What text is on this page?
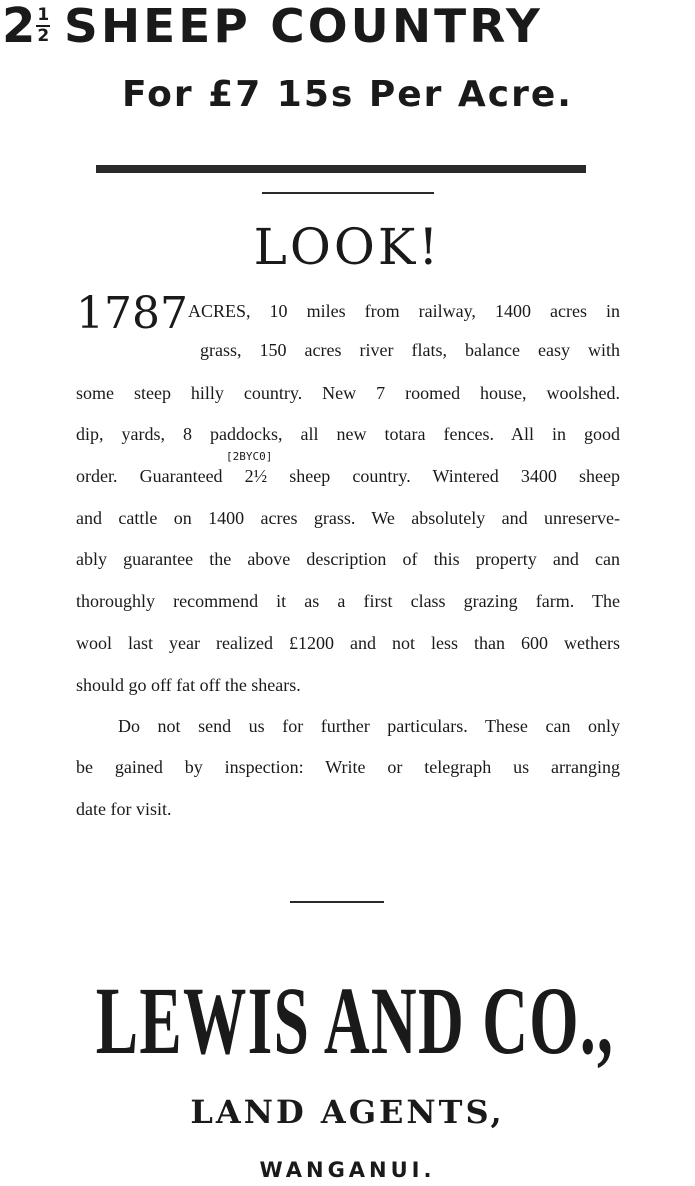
$2 \frac{1}{2}$ SHEEP COUNTRY
For £7 15s Per Acre.
LOOK!
1787 ACRES, 10 miles from railway, 1400 acres in
grass, 150 acres river flats, balance easy with
some steep hilly country. New 7 roomed house, woolshed.
dip, yards, 8 paddocks, all new totara fences. All in good
[2BYC0]
order. Guaranteed 2½ sheep country. Wintered 3400 sheep
and cattle on 1400 acres grass. We absolutely and unreserve-
ably guarantee the above description of this property and can
thoroughly recommend it as a first class grazing farm. The
wool last year realized £1200 and not less than 600 wethers
should go off fat off the shears.
Do not send us for further particulars. These can only
be gained by inspection: Write or telegraph us arranging
date for visit.
LEWIS AND CO.,
LAND AGENTS,
WANGANUI.
